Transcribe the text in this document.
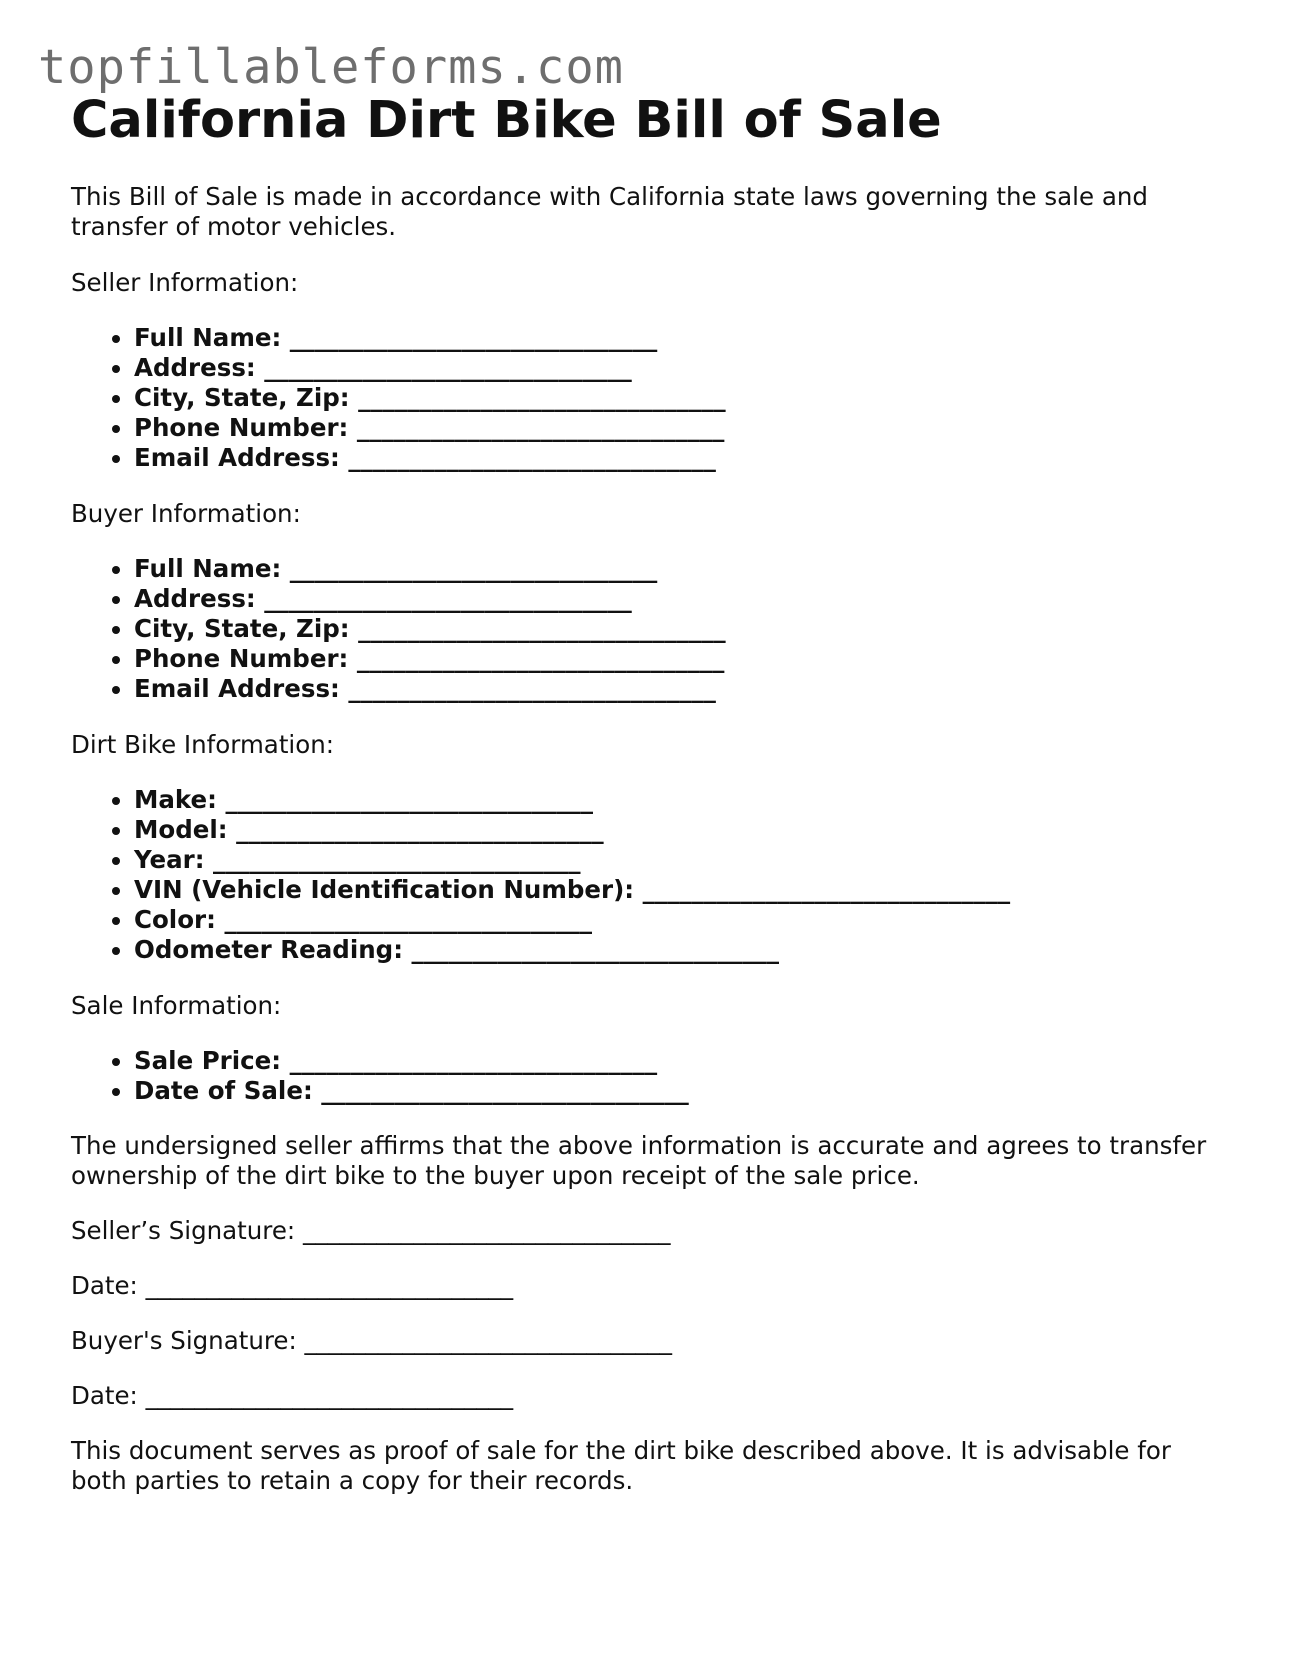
topfillableforms.com
California Dirt Bike Bill of Sale

This Bill of Sale is made in accordance with California state laws governing the sale and transfer of motor vehicles.

Seller Information:

• Full Name: ______________________________
• Address: ______________________________
• City, State, Zip: ______________________________
• Phone Number: ______________________________
• Email Address: ______________________________

Buyer Information:

• Full Name: ______________________________
• Address: ______________________________
• City, State, Zip: ______________________________
• Phone Number: ______________________________
• Email Address: ______________________________

Dirt Bike Information:

• Make: ______________________________
• Model: ______________________________
• Year: ______________________________
• VIN (Vehicle Identification Number): ______________________________
• Color: ______________________________
• Odometer Reading: ______________________________

Sale Information:

• Sale Price: ______________________________
• Date of Sale: ______________________________

The undersigned seller affirms that the above information is accurate and agrees to transfer ownership of the dirt bike to the buyer upon receipt of the sale price.

Seller’s Signature: ______________________________

Date: ______________________________

Buyer's Signature: ______________________________

Date: ______________________________

This document serves as proof of sale for the dirt bike described above. It is advisable for both parties to retain a copy for their records.
